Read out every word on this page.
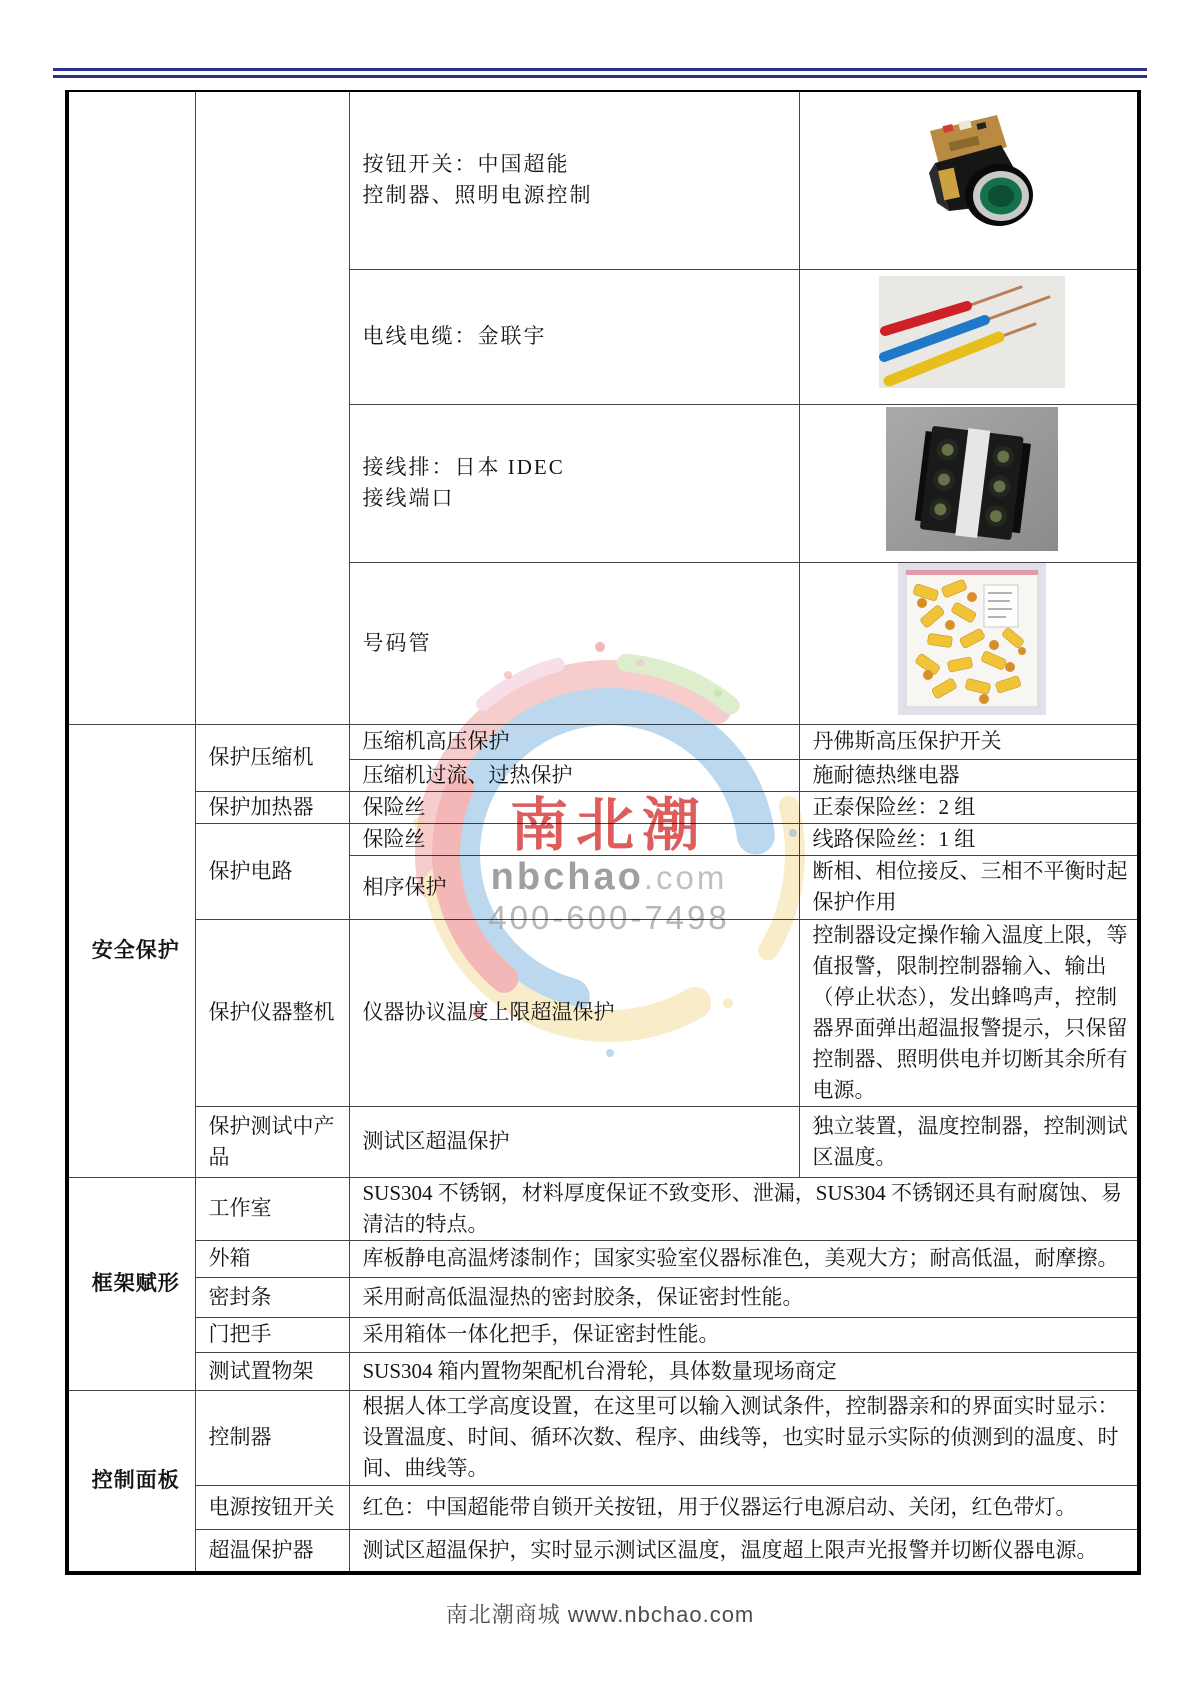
		按钮开关：中国超能
控制器、照明电源控制

		电线电缆：金联宇

		接线排：日本 IDEC
接线端口

		号码管

安全保护	保护压缩机	压缩机高压保护	丹佛斯高压保护开关
		压缩机过流、过热保护	施耐德热继电器
	保护加热器	保险丝	正泰保险丝：2 组
	保护电路	保险丝	线路保险丝：1 组
		相序保护	断相、相位接反、三相不平衡时起保护作用
	保护仪器整机	仪器协议温度上限超温保护	控制器设定操作输入温度上限，等值报警，限制控制器输入、输出（停止状态），发出蜂鸣声，控制器界面弹出超温报警提示，只保留控制器、照明供电并切断其余所有电源。
	保护测试中产品	测试区超温保护	独立装置，温度控制器，控制测试区温度。
框架赋形	工作室	SUS304 不锈钢，材料厚度保证不致变形、泄漏，SUS304 不锈钢还具有耐腐蚀、易清洁的特点。	
	外箱	库板静电高温烤漆制作；国家实验室仪器标准色，美观大方；耐高低温，耐摩擦。	
	密封条	采用耐高低温湿热的密封胶条，保证密封性能。	
	门把手	采用箱体一体化把手，保证密封性能。	
	测试置物架	SUS304 箱内置物架配机台滑轮，具体数量现场商定	
控制面板	控制器	根据人体工学高度设置，在这里可以输入测试条件，控制器亲和的界面实时显示：设置温度、时间、循环次数、程序、曲线等，也实时显示实际的侦测到的温度、时间、曲线等。	
	电源按钮开关	红色：中国超能带自锁开关按钮，用于仪器运行电源启动、关闭，红色带灯。	
	超温保护器	测试区超温保护，实时显示测试区温度，温度超上限声光报警并切断仪器电源。	
南北潮
nbchao.com
400-600-7498
南北潮商城 www.nbchao.com
